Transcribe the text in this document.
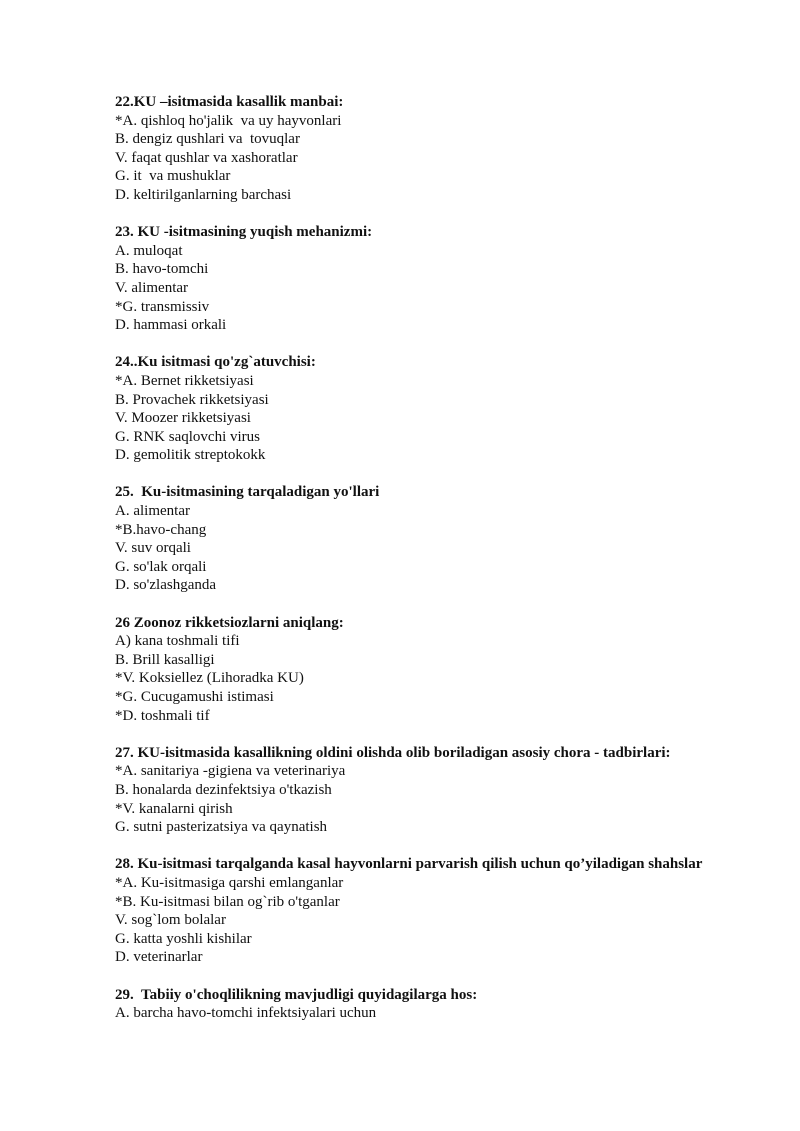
22.KU –isitmasida kasallik manbai:

*A. qishloq ho'jalik  va uy hayvonlari

B. dengiz qushlari va  tovuqlar

V. faqat qushlar va xashoratlar

G. it  va mushuklar

D. keltirilganlarning barchasi

23. KU -isitmasining yuqish mehanizmi:

A. muloqat

B. havo-tomchi

V. alimentar

*G. transmissiv

D. hammasi orkali

24..Ku isitmasi qo'zg`atuvchisi:

*A. Bernet rikketsiyasi

B. Provachek rikketsiyasi

V. Moozer rikketsiyasi

G. RNK saqlovchi virus

D. gemolitik streptokokk

25.  Ku-isitmasining tarqaladigan yo'llari

A. alimentar

*B.havo-chang

V. suv orqali

G. so'lak orqali

D. so'zlashganda

26 Zoonoz rikketsiozlarni aniqlang:

A) kana toshmali tifi

B. Brill kasalligi

*V. Koksiellez (Lihoradka KU)

*G. Cucugamushi istimasi

*D. toshmali tif

27. KU-isitmasida kasallikning oldini olishda olib boriladigan asosiy chora - tadbirlari:

*A. sanitariya -gigiena va veterinariya

B. honalarda dezinfektsiya o'tkazish

*V. kanalarni qirish

G. sutni pasterizatsiya va qaynatish

28. Ku-isitmasi tarqalganda kasal hayvonlarni parvarish qilish uchun qo’yiladigan shahslar

*A. Ku-isitmasiga qarshi emlanganlar

*B. Ku-isitmasi bilan og`rib o'tganlar

V. sog`lom bolalar

G. katta yoshli kishilar

D. veterinarlar

29.  Tabiiy o'choqlilikning mavjudligi quyidagilarga hos:

A. barcha havo-tomchi infektsiyalari uchun
